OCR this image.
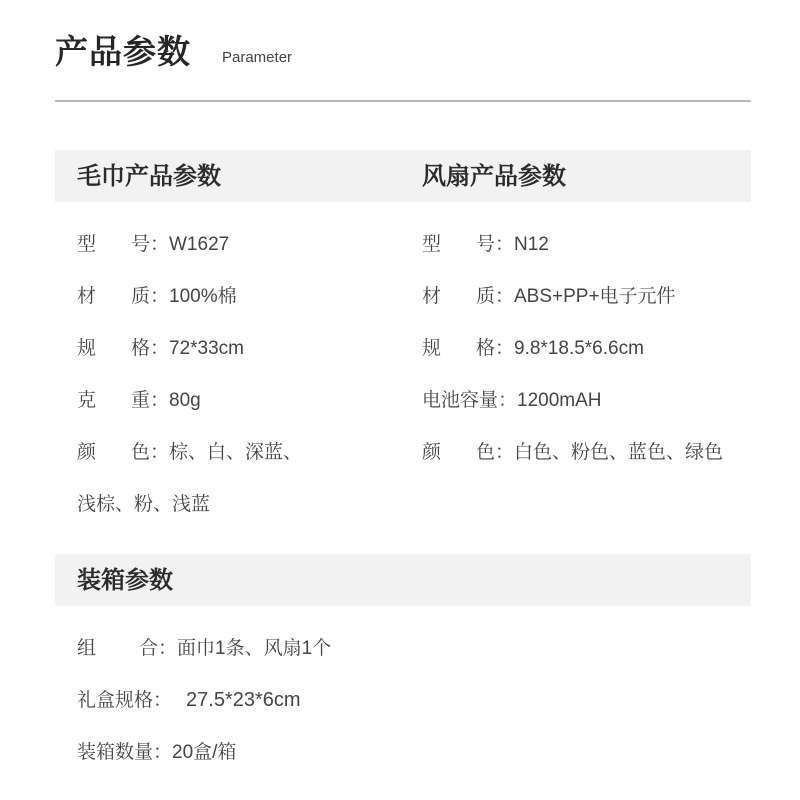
产品参数 Parameter
毛巾产品参数	风扇产品参数
型 号： W1627
材 质： 100%棉
规 格： 72*33cm
克 重： 80g
颜 色： 棕、白、深蓝、
浅棕、粉、浅蓝
型 号： N12
材 质： ABS+PP+电子元件
规 格： 9.8*18.5*6.6cm
电池容量：1200mAH
颜 色： 白色、粉色、蓝色、绿色
装箱参数
组 合： 面巾1条、风扇1个
礼盒规格： 27.5*23*6cm
装箱数量：20盒/箱
